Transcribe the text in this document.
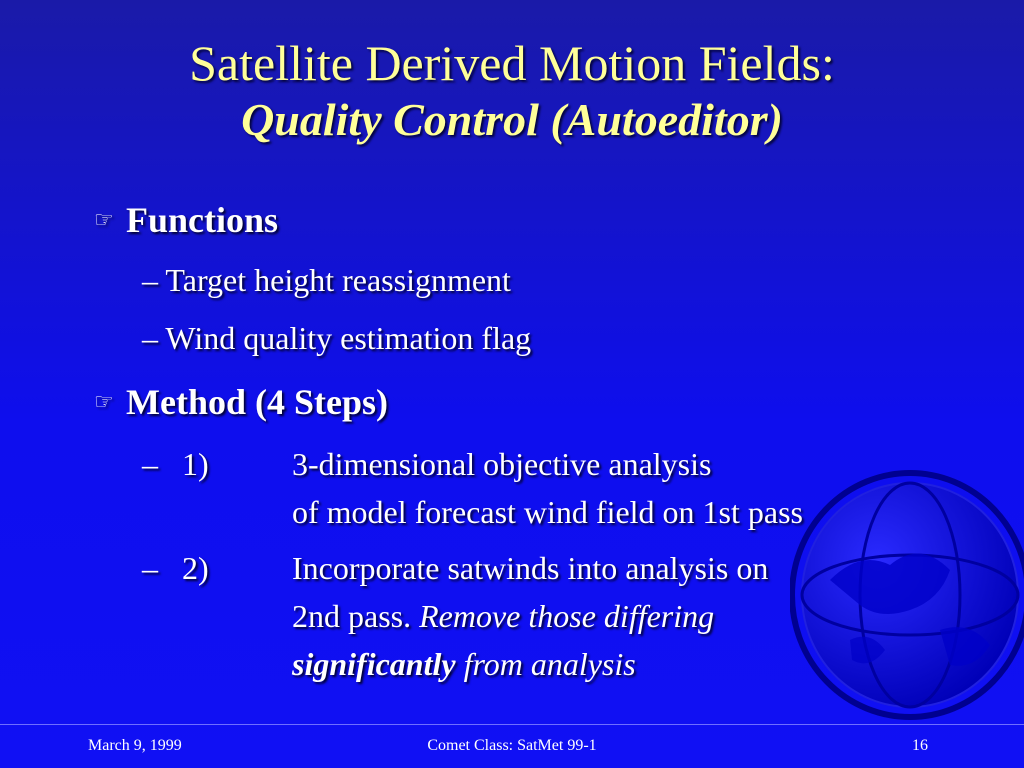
Satellite Derived Motion Fields:
Quality Control (Autoeditor)
☞ Functions
– Target height reassignment
– Wind quality estimation flag
☞ Method (4 Steps)
– 1)	3-dimensional objective analysis
of model forecast wind field on 1st pass
– 2)	Incorporate satwinds into analysis on
2nd pass. Remove those differing
significantly from analysis
March 9, 1999	Comet Class: SatMet 99-1	16
